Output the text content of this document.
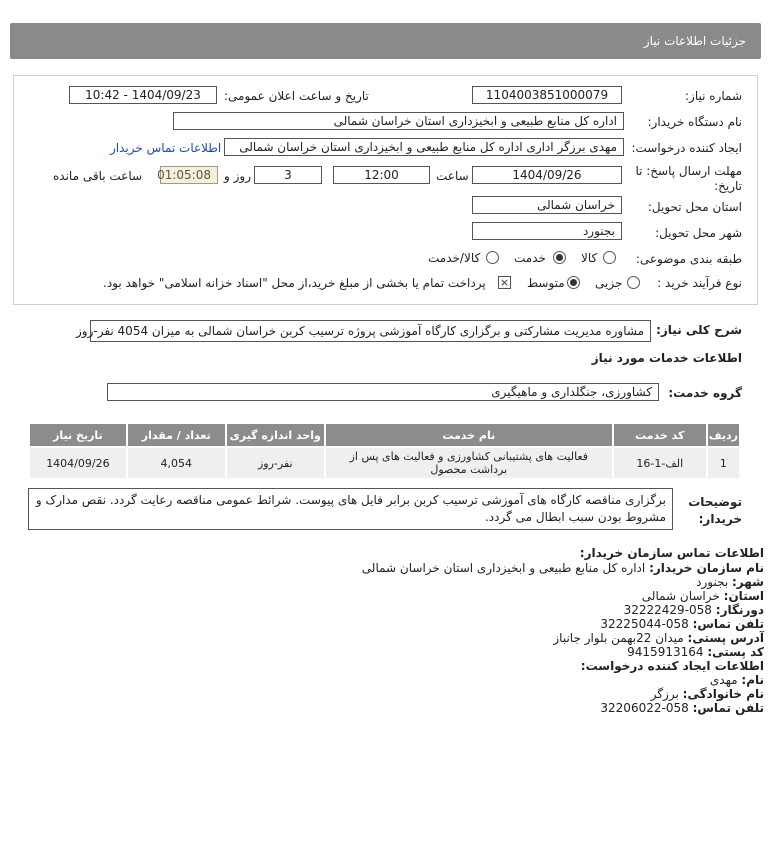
جزئیات اطلاعات نیاز
شماره نیاز:
1104003851000079
تاریخ و ساعت اعلان عمومی:
1404/09/23 - 10:42
نام دستگاه خریدار:
اداره کل منابع طبیعی و ابخیزداری استان خراسان شمالی
ایجاد کننده درخواست:
مهدی برزگر اداری اداره کل منابع طبیعی و ابخیزداری استان خراسان شمالی
اطلاعات تماس خریدار
مهلت ارسال پاسخ: تا تاریخ:
1404/09/26
ساعت
12:00
3
روز و
01:05:08
ساعت باقی مانده
استان محل تحویل:
خراسان شمالی
شهر محل تحویل:
بجنورد
طبقه بندی موضوعی:
کالا
خدمت
کالا/خدمت
نوع فرآیند خرید :
جزیی
متوسط
⨯
پرداخت تمام یا بخشی از مبلغ خرید،از محل "اسناد خزانه اسلامی" خواهد بود.
شرح کلی نیاز:
مشاوره مدیریت مشارکتی و برگزاری کارگاه آموزشی پروژه ترسیب کربن خراسان شمالی به میزان 4054 نفر-روز
اطلاعات خدمات مورد نیاز
گروه خدمت:
کشاورزی، جنگلداری و ماهیگیری
ردیف	کد خدمت	نام خدمت	واحد اندازه گیری	تعداد / مقدار	تاریخ نیاز
1	الف-1-16	فعالیت های پشتیبانی کشاورزی و فعالیت های پس از برداشت محصول	نفر-روز	4,054	1404/09/26
توضیحات خریدار:
برگزاری مناقصه کارگاه های آموزشی ترسیب کربن برابر فایل های پیوست. شرائط عمومی مناقصه رعایت گردد. نقص مدارک و مشروط بودن سبب ابطال می گردد.
اطلاعات تماس سازمان خریدار:
نام سازمان خریدار: اداره کل منابع طبیعی و ابخیزداری استان خراسان شمالی
شهر: بجنورد
استان: خراسان شمالی
دورنگار: 058-32222429
تلفن تماس: 058-32225044
آدرس پستی: میدان 22بهمن بلوار جانباز
کد پستی: 9415913164
اطلاعات ایجاد کننده درخواست:
نام: مهدی
نام خانوادگی: برزگر
تلفن تماس: 058-32206022
